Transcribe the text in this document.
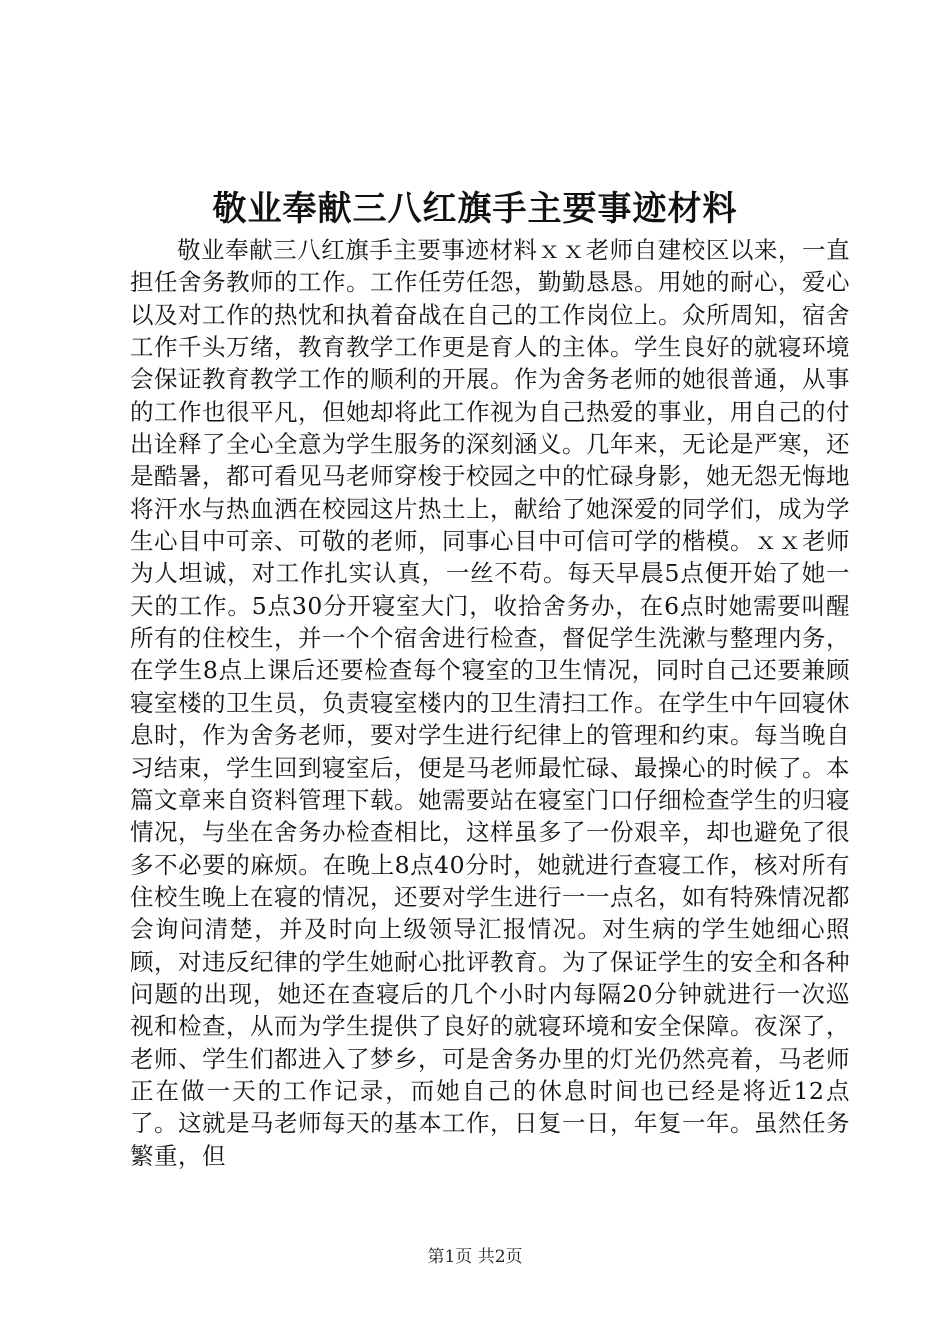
敬业奉献三八红旗手主要事迹材料

敬业奉献三八红旗手主要事迹材料ｘｘ老师自建校区以来，一直担任舍务教师的工作。工作任劳任怨，勤勤恳恳。用她的耐心，爱心以及对工作的热忱和执着奋战在自己的工作岗位上。众所周知，宿舍工作千头万绪，教育教学工作更是育人的主体。学生良好的就寝环境会保证教育教学工作的顺利的开展。作为舍务老师的她很普通，从事的工作也很平凡，但她却将此工作视为自己热爱的事业，用自己的付出诠释了全心全意为学生服务的深刻涵义。几年来，无论是严寒，还是酷暑，都可看见马老师穿梭于校园之中的忙碌身影，她无怨无悔地将汗水与热血洒在校园这片热土上，献给了她深爱的同学们，成为学生心目中可亲、可敬的老师，同事心目中可信可学的楷模。ｘｘ老师为人坦诚，对工作扎实认真，一丝不苟。每天早晨5点便开始了她一天的工作。5点30分开寝室大门，收拾舍务办，在6点时她需要叫醒所有的住校生，并一个个宿舍进行检查，督促学生洗漱与整理内务，在学生8点上课后还要检查每个寝室的卫生情况，同时自己还要兼顾寝室楼的卫生员，负责寝室楼内的卫生清扫工作。在学生中午回寝休息时，作为舍务老师，要对学生进行纪律上的管理和约束。每当晚自习结束，学生回到寝室后，便是马老师最忙碌、最操心的时候了。本篇文章来自资料管理下载。她需要站在寝室门口仔细检查学生的归寝情况，与坐在舍务办检查相比，这样虽多了一份艰辛，却也避免了很多不必要的麻烦。在晚上8点40分时，她就进行查寝工作，核对所有住校生晚上在寝的情况，还要对学生进行一一点名，如有特殊情况都会询问清楚，并及时向上级领导汇报情况。对生病的学生她细心照顾，对违反纪律的学生她耐心批评教育。为了保证学生的安全和各种问题的出现，她还在查寝后的几个小时内每隔20分钟就进行一次巡视和检查，从而为学生提供了良好的就寝环境和安全保障。夜深了，老师、学生们都进入了梦乡，可是舍务办里的灯光仍然亮着，马老师正在做一天的工作记录，而她自己的休息时间也已经是将近12点了。这就是马老师每天的基本工作，日复一日，年复一年。虽然任务繁重，但

第1页 共2页
